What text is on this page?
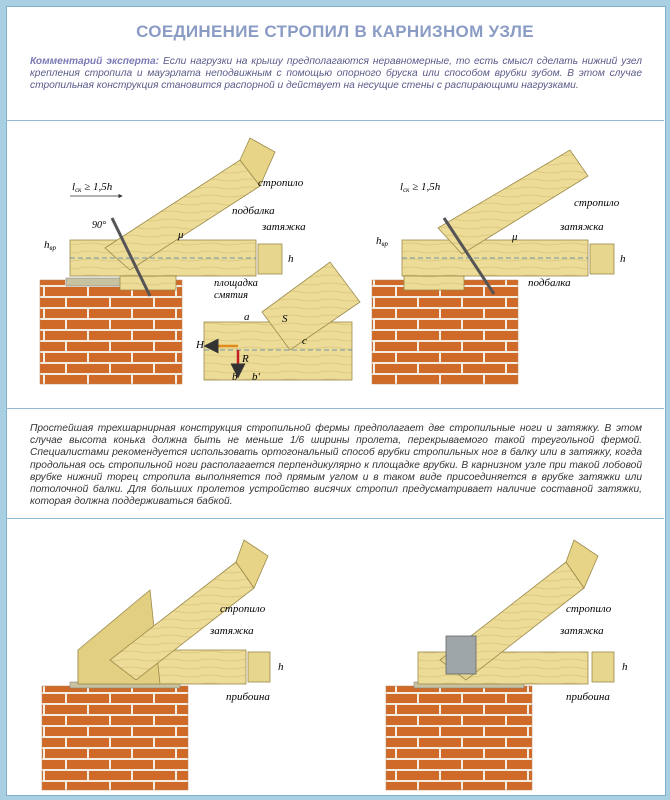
СОЕДИНЕНИЕ СТРОПИЛ В КАРНИЗНОМ УЗЛЕ
Комментарий эксперта: Если нагрузки на крышу предполагаются неравномерные, то есть смысл сделать нижний узел крепления стропила и мауэрлата неподвижным с помощью опорного бруска или способом врубки зубом. В этом случае стропильная конструкция становится распорной и действует на несущие стены с распирающими нагрузками.
Простейшая трехшарнирная конструкция стропильной фермы предполагает две стропильные ноги и затяжку. В этом случае высота конька должна быть не меньше 1/6 ширины пролета, перекрываемого такой треугольной фермой. Специалистами рекомендуется использовать ортогональный способ врубки стропильных ног в балку или в затяжку, когда продольная ось стропильной ноги располагается перпендикулярно к площадке врубки. В карнизном узле при такой лобовой врубке нижний торец стропила выполняется под прямым углом и в таком виде присоединяется в врубке затяжки или потолочной балки. Для больших пролетов устройство висячих стропил предусматривает наличие составной затяжки, которая должна поддерживаться бабкой.
lск ≥ 1,5h
90°
μ
стропило
подбалка
затяжка
h
hвр
площадка
смятия
a	S
H
R
b b'
c
lск ≥ 1,5h
стропило
затяжка
подбалка
h
hвр
μ
стропило
затяжка
прибоина
h
стропило
затяжка
прибоина
h
